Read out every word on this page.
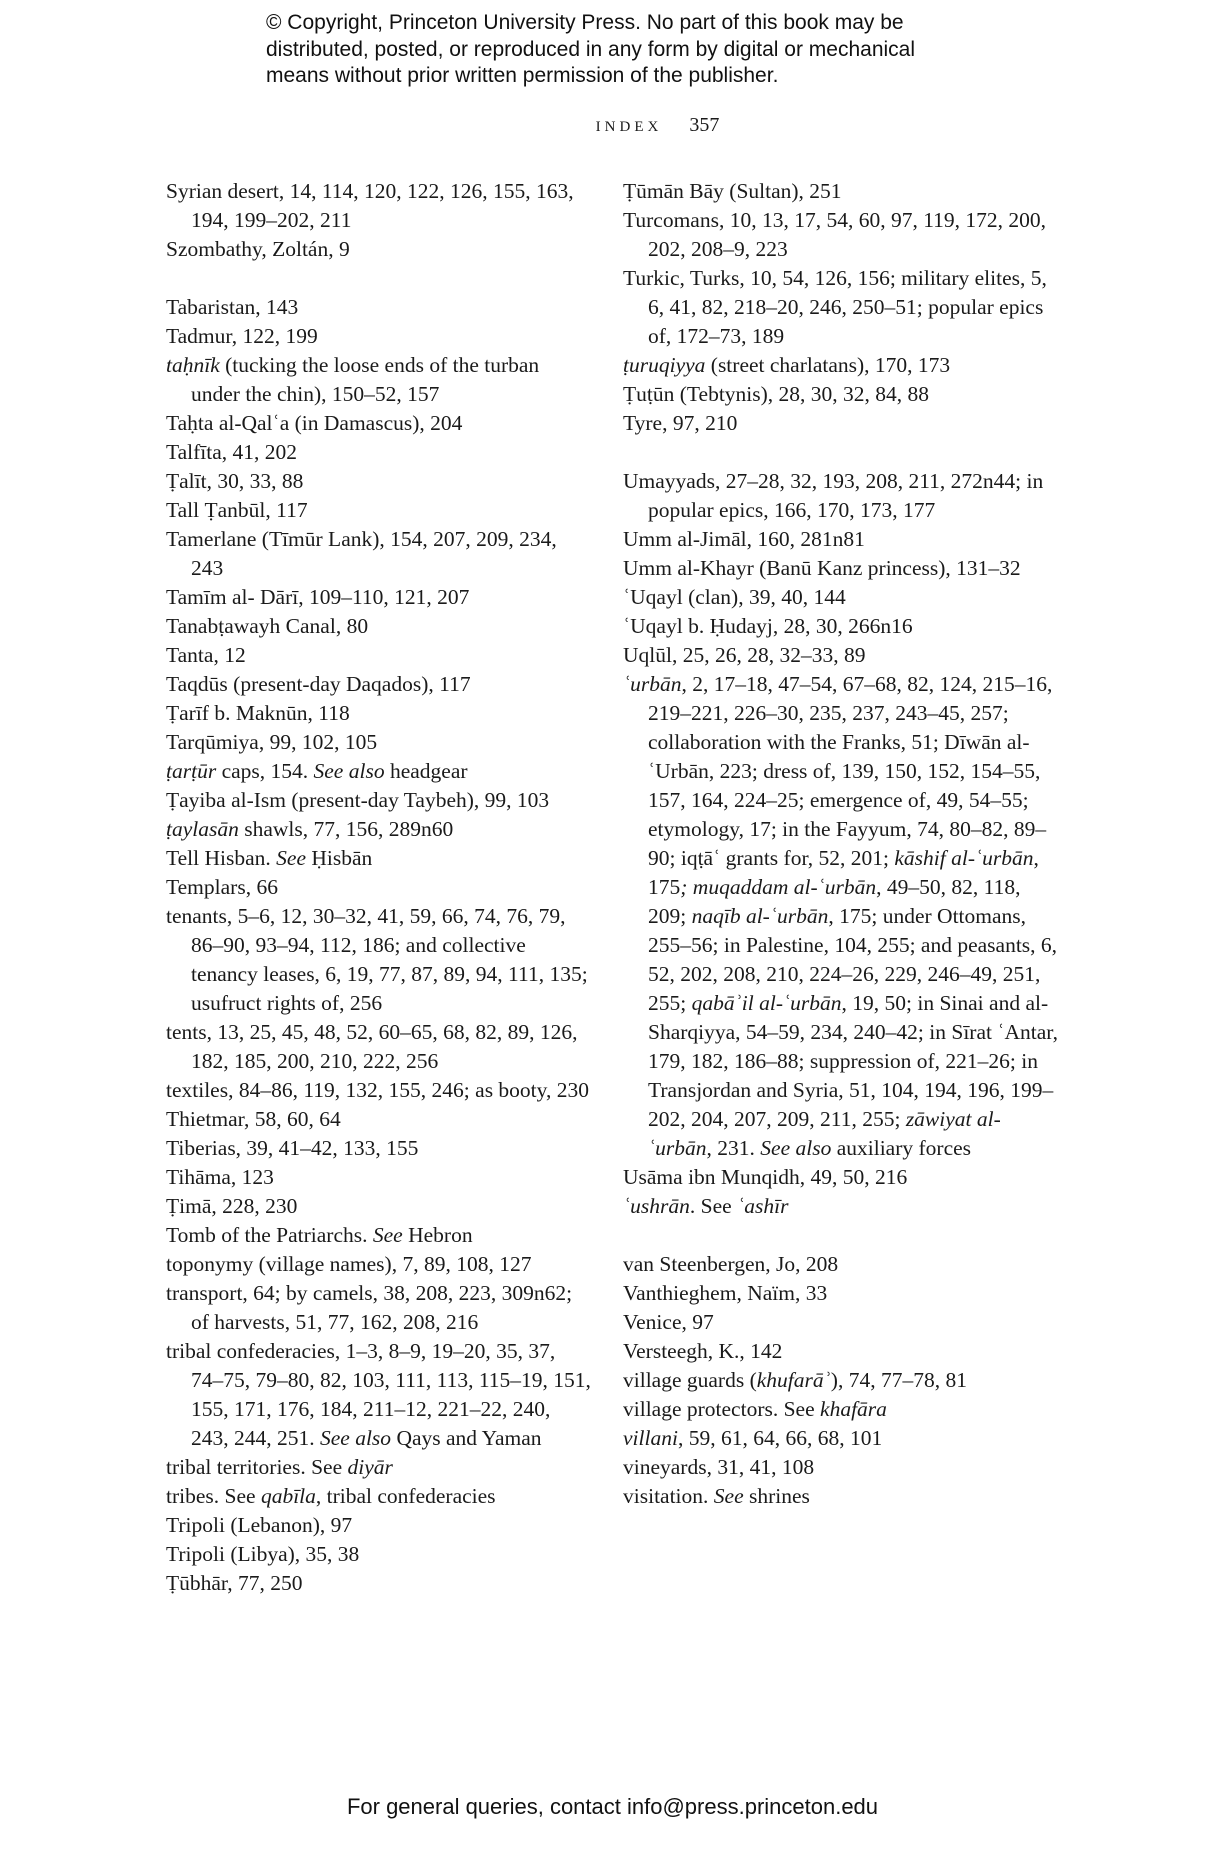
© Copyright, Princeton University Press. No part of this book may be
distributed, posted, or reproduced in any form by digital or mechanical
means without prior written permission of the publisher.
INDEX 357
Syrian desert, 14, 114, 120, 122, 126, 155, 163, 194, 199–202, 211
Szombathy, Zoltán, 9
Tabaristan, 143
Tadmur, 122, 199
taḥnīk (tucking the loose ends of the turban under the chin), 150–52, 157
Taḥta al-Qalʿa (in Damascus), 204
Talfīta, 41, 202
Ṭalīt, 30, 33, 88
Tall Ṭanbūl, 117
Tamerlane (Tīmūr Lank), 154, 207, 209, 234, 243
Tamīm al- Dārī, 109–110, 121, 207
Tanabṭawayh Canal, 80
Tanta, 12
Taqdūs (present-day Daqados), 117
Ṭarīf b. Maknūn, 118
Tarqūmiya, 99, 102, 105
ṭarṭūr caps, 154. See also headgear
Ṭayiba al-Ism (present-day Taybeh), 99, 103
ṭaylasān shawls, 77, 156, 289n60
Tell Hisban. See Ḥisbān
Templars, 66
tenants, 5–6, 12, 30–32, 41, 59, 66, 74, 76, 79, 86–90, 93–94, 112, 186; and collective tenancy leases, 6, 19, 77, 87, 89, 94, 111, 135; usufruct rights of, 256
tents, 13, 25, 45, 48, 52, 60–65, 68, 82, 89, 126, 182, 185, 200, 210, 222, 256
textiles, 84–86, 119, 132, 155, 246; as booty, 230
Thietmar, 58, 60, 64
Tiberias, 39, 41–42, 133, 155
Tihāma, 123
Ṭimā, 228, 230
Tomb of the Patriarchs. See Hebron
toponymy (village names), 7, 89, 108, 127
transport, 64; by camels, 38, 208, 223, 309n62; of harvests, 51, 77, 162, 208, 216
tribal confederacies, 1–3, 8–9, 19–20, 35, 37, 74–75, 79–80, 82, 103, 111, 113, 115–19, 151, 155, 171, 176, 184, 211–12, 221–22, 240, 243, 244, 251. See also Qays and Yaman
tribal territories. See diyār
tribes. See qabīla, tribal confederacies
Tripoli (Lebanon), 97
Tripoli (Libya), 35, 38
Ṭūbhār, 77, 250
Ṭūmān Bāy (Sultan), 251
Turcomans, 10, 13, 17, 54, 60, 97, 119, 172, 200, 202, 208–9, 223
Turkic, Turks, 10, 54, 126, 156; military elites, 5, 6, 41, 82, 218–20, 246, 250–51; popular epics of, 172–73, 189
ṭuruqiyya (street charlatans), 170, 173
Ṭuṭūn (Tebtynis), 28, 30, 32, 84, 88
Tyre, 97, 210
Umayyads, 27–28, 32, 193, 208, 211, 272n44; in popular epics, 166, 170, 173, 177
Umm al-Jimāl, 160, 281n81
Umm al-Khayr (Banū Kanz princess), 131–32
ʿUqayl (clan), 39, 40, 144
ʿUqayl b. Ḥudayj, 28, 30, 266n16
Uqlūl, 25, 26, 28, 32–33, 89
ʿurbān, 2, 17–18, 47–54, 67–68, 82, 124, 215–16, 219–221, 226–30, 235, 237, 243–45, 257; collaboration with the Franks, 51; Dīwān al-ʿUrbān, 223; dress of, 139, 150, 152, 154–55, 157, 164, 224–25; emergence of, 49, 54–55; etymology, 17; in the Fayyum, 74, 80–82, 89–90; iqṭāʿ grants for, 52, 201; kāshif al-ʿurbān, 175; muqaddam al-ʿurbān, 49–50, 82, 118, 209; naqīb al-ʿurbān, 175; under Ottomans, 255–56; in Palestine, 104, 255; and peasants, 6, 52, 202, 208, 210, 224–26, 229, 246–49, 251, 255; qabāʾil al-ʿurbān, 19, 50; in Sinai and al-Sharqiyya, 54–59, 234, 240–42; in Sīrat ʿAntar, 179, 182, 186–88; suppression of, 221–26; in Transjordan and Syria, 51, 104, 194, 196, 199–202, 204, 207, 209, 211, 255; zāwiyat al-ʿurbān, 231. See also auxiliary forces
Usāma ibn Munqidh, 49, 50, 216
ʿushrān. See ʿashīr
van Steenbergen, Jo, 208
Vanthieghem, Naïm, 33
Venice, 97
Versteegh, K., 142
village guards (khufarāʾ), 74, 77–78, 81
village protectors. See khafāra
villani, 59, 61, 64, 66, 68, 101
vineyards, 31, 41, 108
visitation. See shrines
For general queries, contact info@press.princeton.edu
